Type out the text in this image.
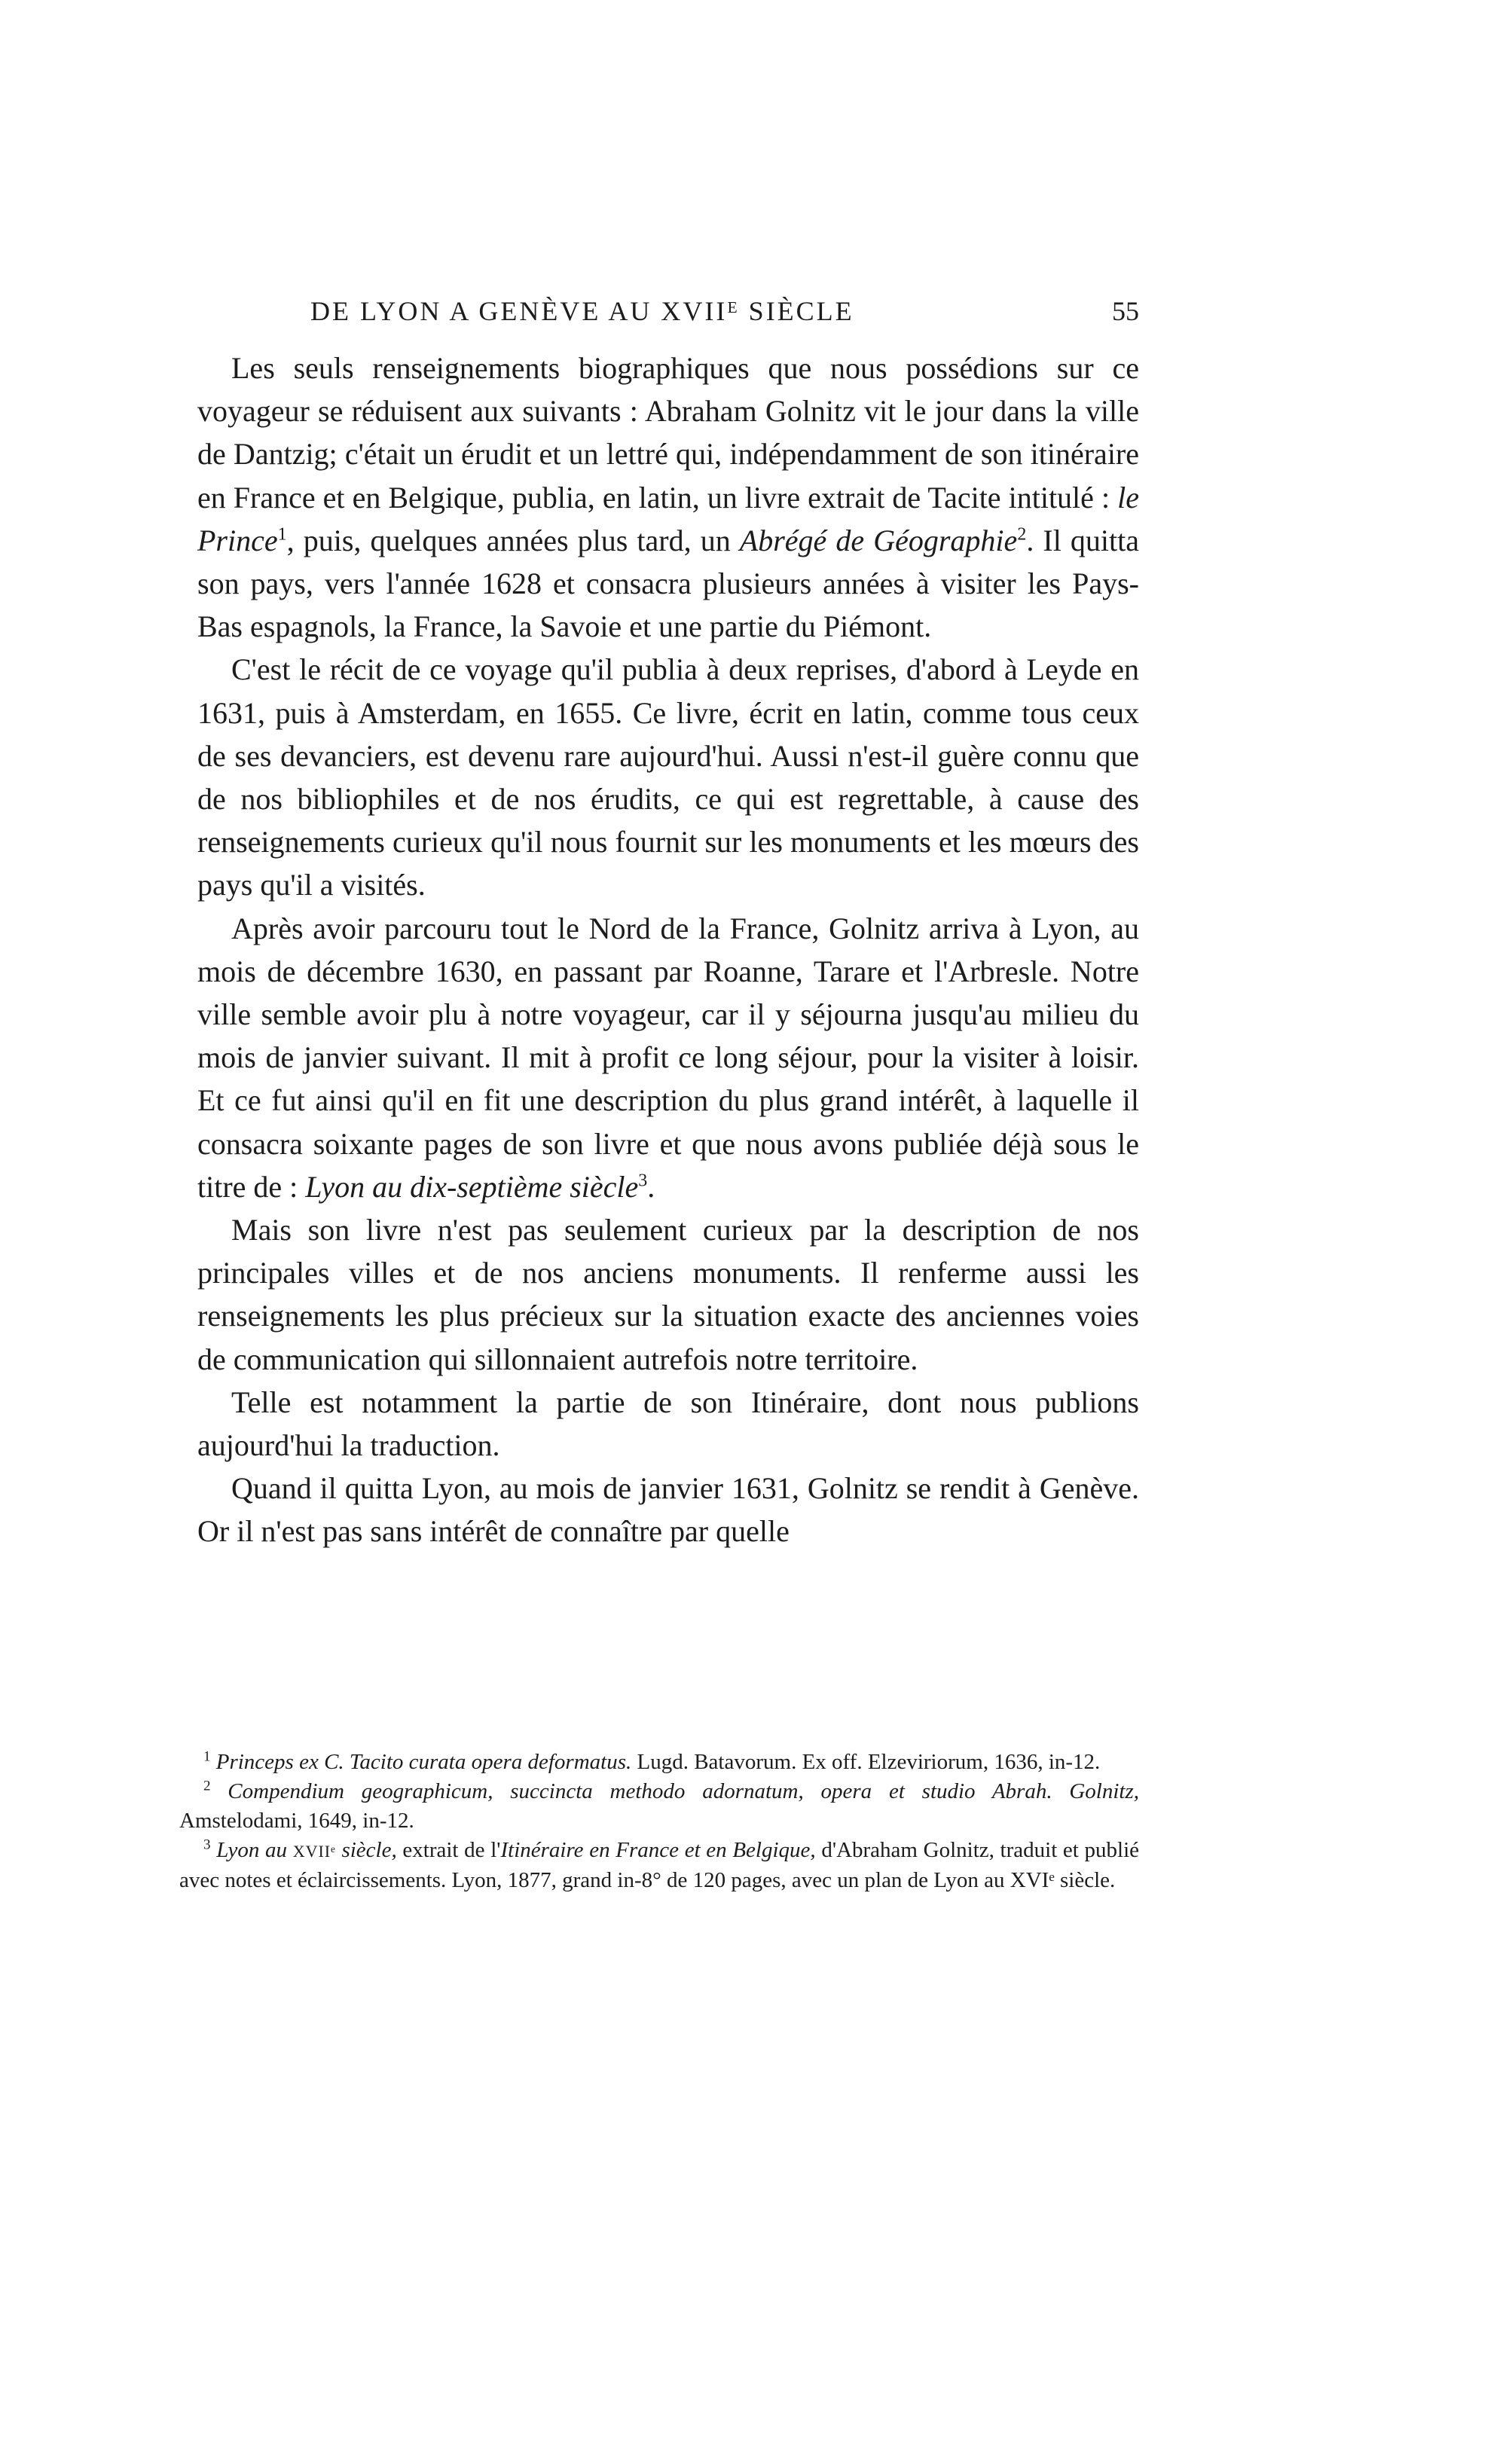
DE LYON A GENÈVE AU XVIIᴱ SIÈCLE	55

Les seuls renseignements biographiques que nous possédions sur ce voyageur se réduisent aux suivants : Abraham Golnitz vit le jour dans la ville de Dantzig; c'était un érudit et un lettré qui, indépendamment de son itinéraire en France et en Belgique, publia, en latin, un livre extrait de Tacite intitulé : le Prince$^1$, puis, quelques années plus tard, un Abrégé de Géographie$^2$. Il quitta son pays, vers l'année 1628 et consacra plusieurs années à visiter les Pays-Bas espagnols, la France, la Savoie et une partie du Piémont.

C'est le récit de ce voyage qu'il publia à deux reprises, d'abord à Leyde en 1631, puis à Amsterdam, en 1655. Ce livre, écrit en latin, comme tous ceux de ses devanciers, est devenu rare aujourd'hui. Aussi n'est-il guère connu que de nos bibliophiles et de nos érudits, ce qui est regrettable, à cause des renseignements curieux qu'il nous fournit sur les monuments et les mœurs des pays qu'il a visités.

Après avoir parcouru tout le Nord de la France, Golnitz arriva à Lyon, au mois de décembre 1630, en passant par Roanne, Tarare et l'Arbresle. Notre ville semble avoir plu à notre voyageur, car il y séjourna jusqu'au milieu du mois de janvier suivant. Il mit à profit ce long séjour, pour la visiter à loisir. Et ce fut ainsi qu'il en fit une description du plus grand intérêt, à laquelle il consacra soixante pages de son livre et que nous avons publiée déjà sous le titre de : Lyon au dix-septième siècle$^3$.

Mais son livre n'est pas seulement curieux par la description de nos principales villes et de nos anciens monuments. Il renferme aussi les renseignements les plus précieux sur la situation exacte des anciennes voies de communication qui sillonnaient autrefois notre territoire.

Telle est notamment la partie de son Itinéraire, dont nous publions aujourd'hui la traduction.

Quand il quitta Lyon, au mois de janvier 1631, Golnitz se rendit à Genève. Or il n'est pas sans intérêt de connaître par quelle

$^1$ Princeps ex C. Tacito curata opera deformatus. Lugd. Batavorum. Ex off. Elzeviriorum, 1636, in-12.

$^2$ Compendium geographicum, succincta methodo adornatum, opera et studio Abrah. Golnitz, Amstelodami, 1649, in-12.

$^3$ Lyon au XVIIᵉ siècle, extrait de l'Itinéraire en France et en Belgique, d'Abraham Golnitz, traduit et publié avec notes et éclaircissements. Lyon, 1877, grand in-8° de 120 pages, avec un plan de Lyon au XVIᵉ siècle.
